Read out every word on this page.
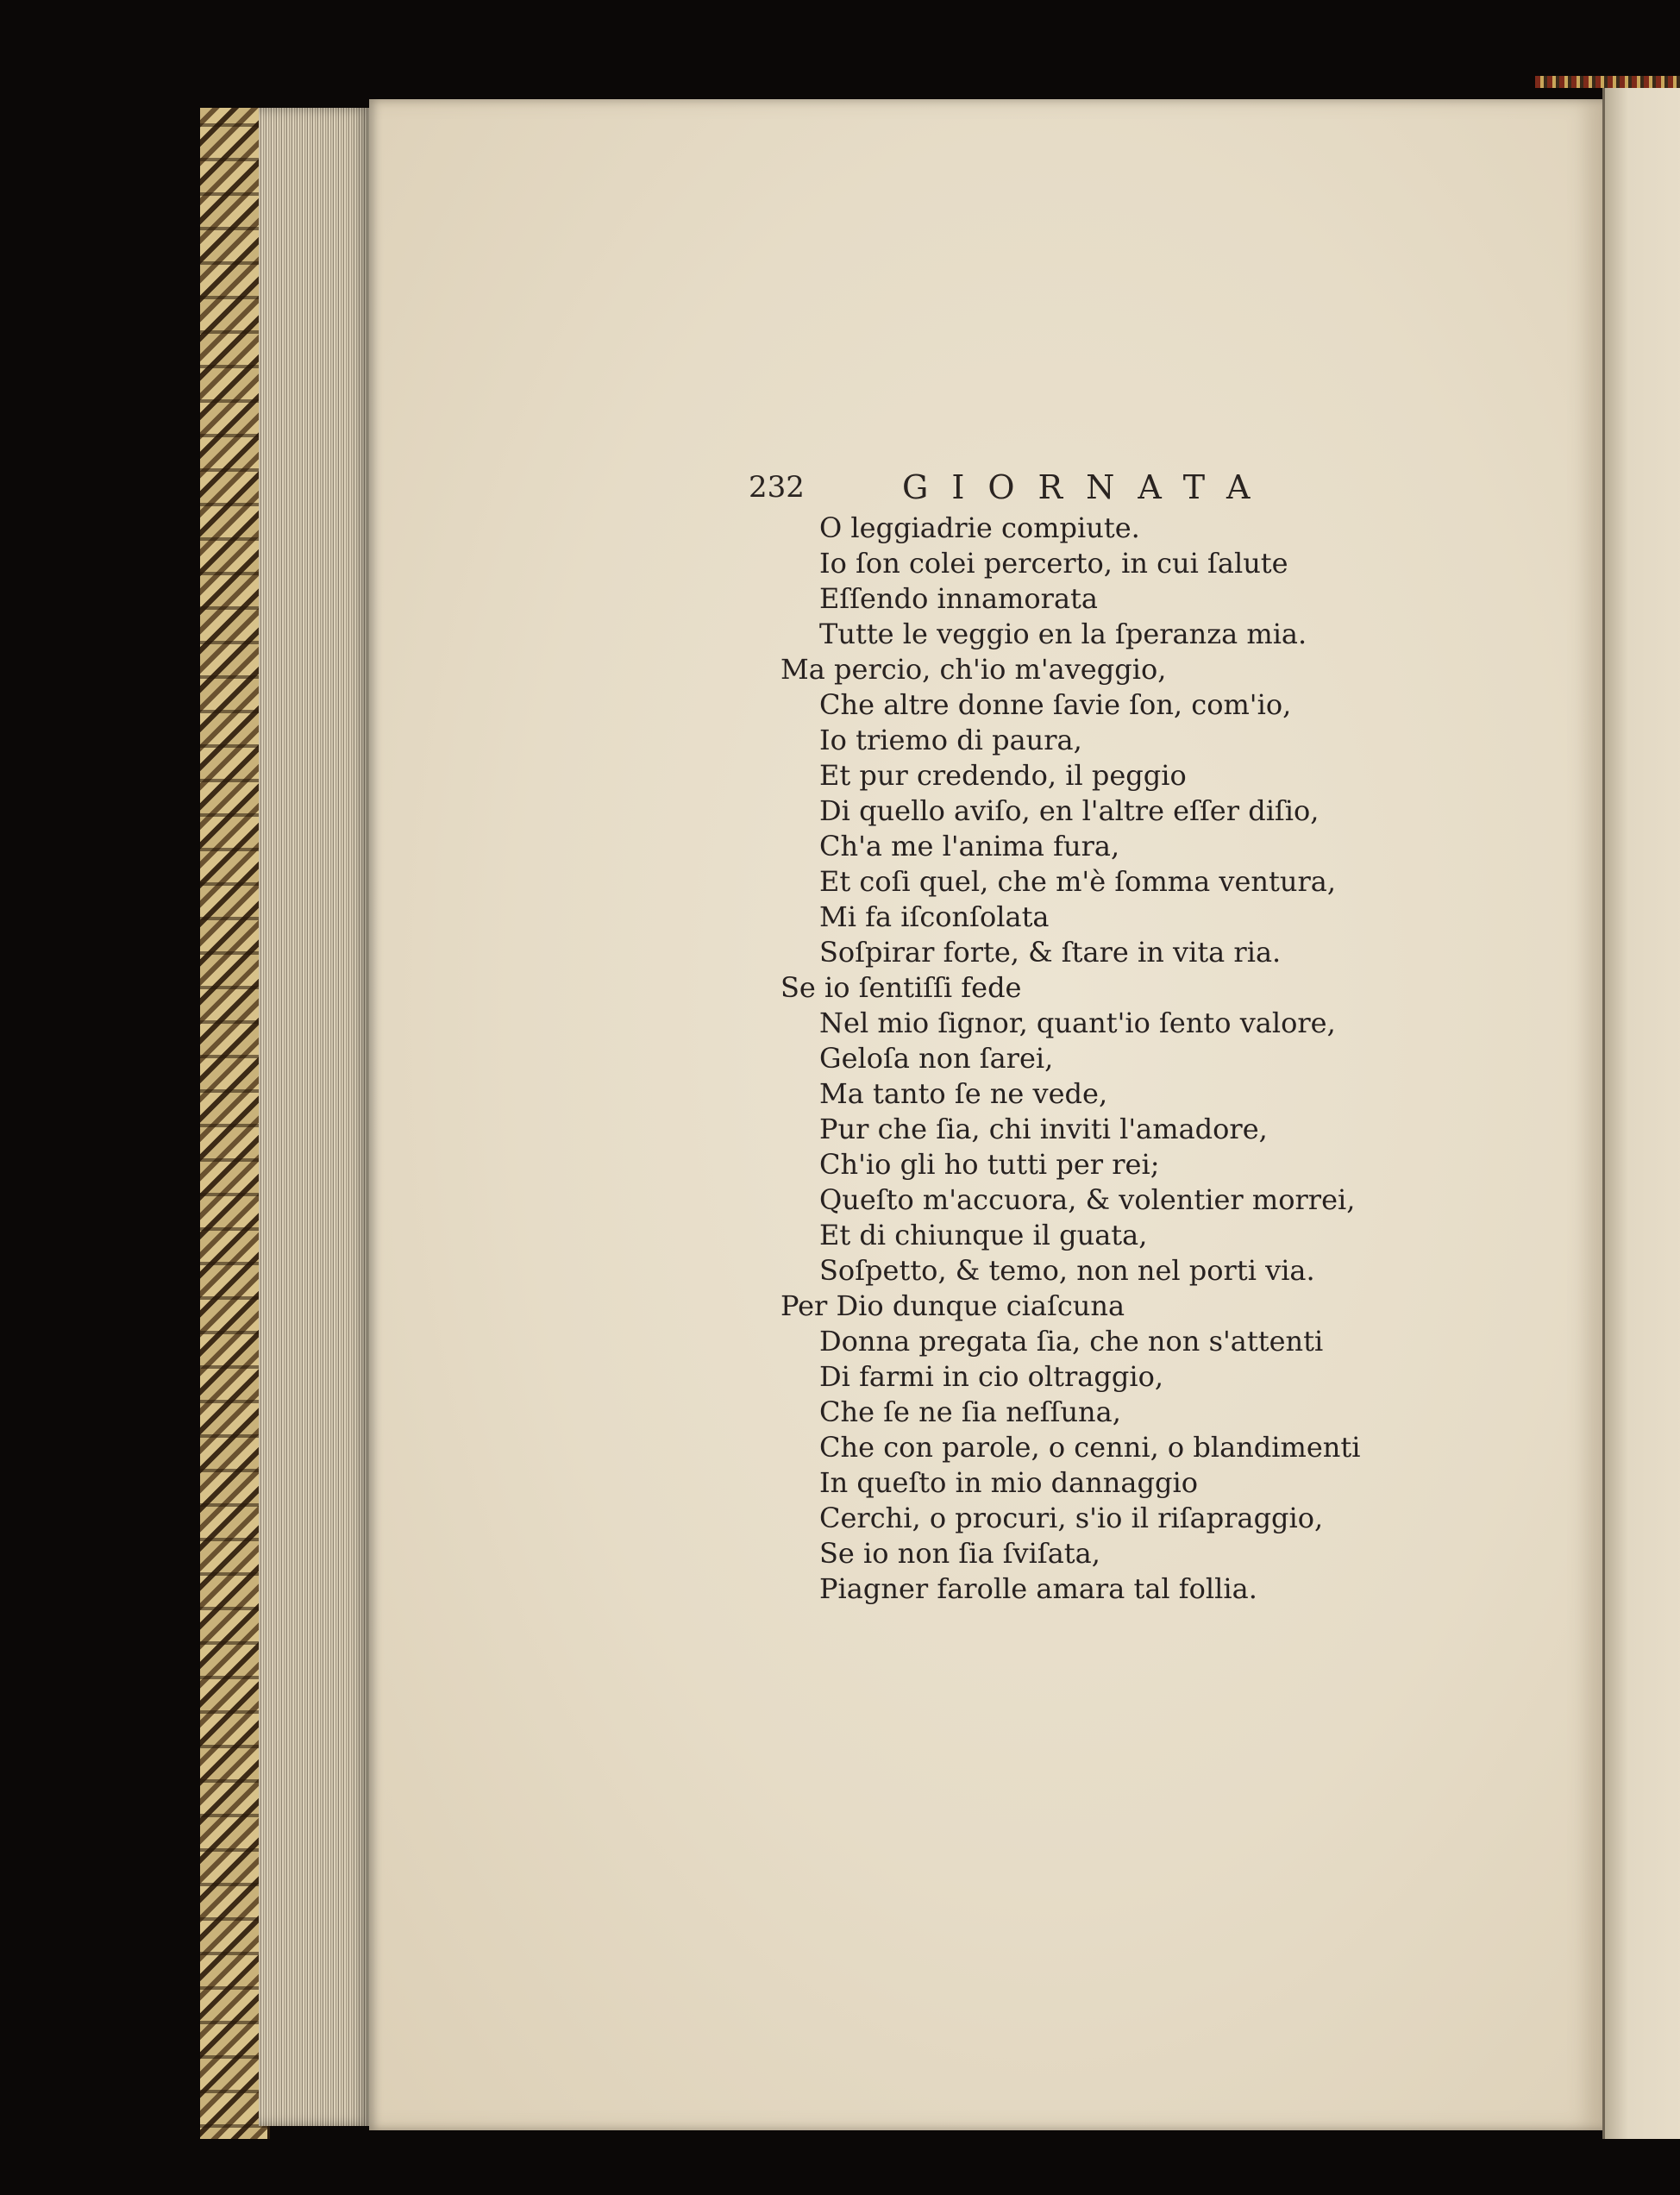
232	GIORNATA
O leggiadrie compiute.
Io ſon colei percerto, in cui ſalute
Eſſendo innamorata
Tutte le veggio en la ſperanza mia.
Ma percio, ch'io m'aveggio,
Che altre donne ſavie ſon, com'io,
Io triemo di paura,
Et pur credendo, il peggio
Di quello aviſo, en l'altre eſſer diſio,
Ch'a me l'anima fura,
Et coſi quel, che m'è ſomma ventura,
Mi fa iſconſolata
Soſpirar forte, & ſtare in vita ria.
Se io ſentiſſi fede
Nel mio ſignor, quant'io ſento valore,
Geloſa non ſarei,
Ma tanto ſe ne vede,
Pur che ſia, chi inviti l'amadore,
Ch'io gli ho tutti per rei;
Queſto m'accuora, & volentier morrei,
Et di chiunque il guata,
Soſpetto, & temo, non nel porti via.
Per Dio dunque ciaſcuna
Donna pregata ſia, che non s'attenti
Di farmi in cio oltraggio,
Che ſe ne ſia neſſuna,
Che con parole, o cenni, o blandimenti
In queſto in mio dannaggio
Cerchi, o procuri, s'io il riſapraggio,
Se io non ſia ſviſata,
Piagner farolle amara tal follia.
